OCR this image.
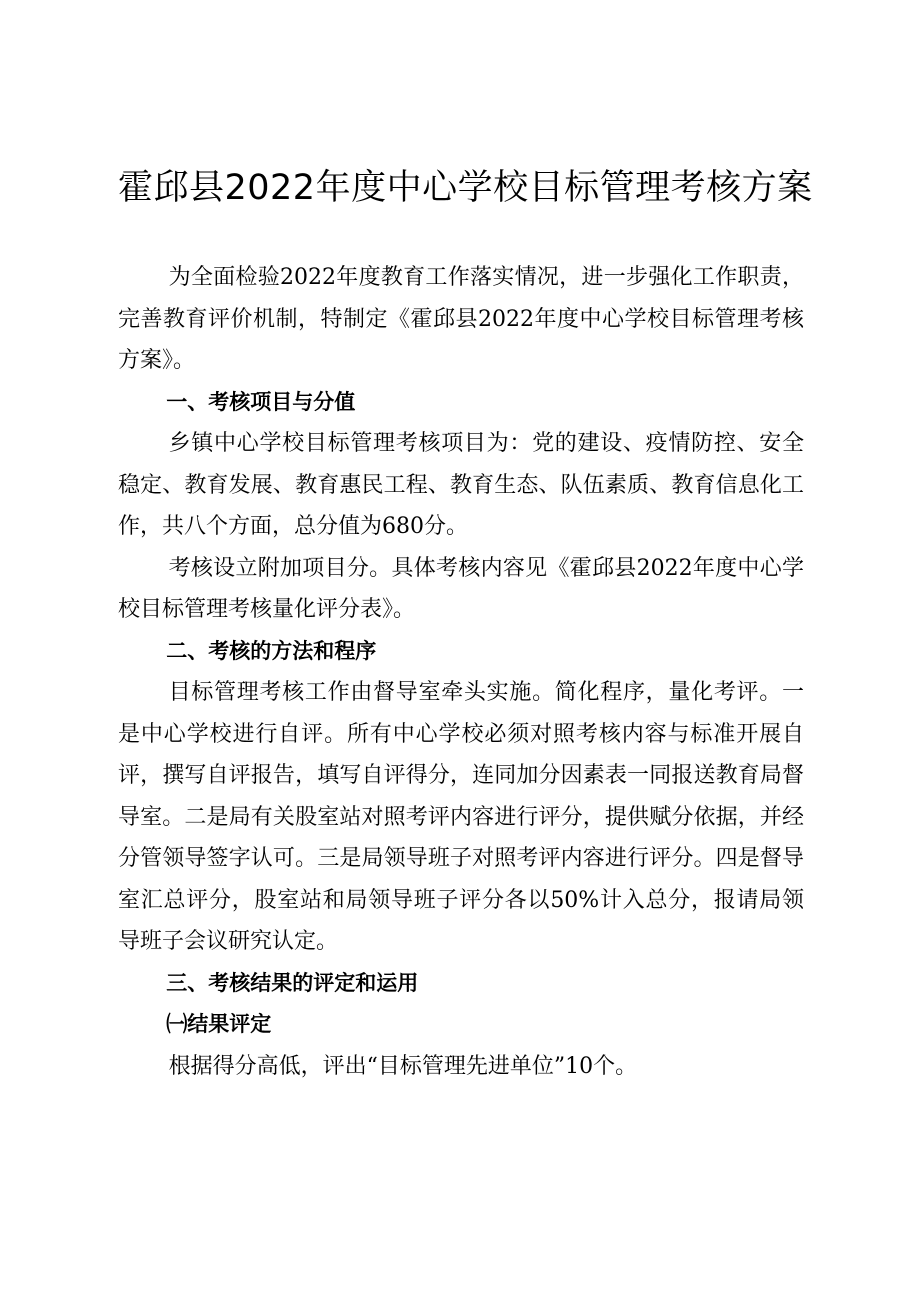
霍邱县2022年度中心学校目标管理考核方案

为全面检验2022年度教育工作落实情况，进一步强化工作职责，完善教育评价机制，特制定《霍邱县2022年度中心学校目标管理考核方案》。

一、考核项目与分值

乡镇中心学校目标管理考核项目为：党的建设、疫情防控、安全稳定、教育发展、教育惠民工程、教育生态、队伍素质、教育信息化工作，共八个方面，总分值为680分。

考核设立附加项目分。具体考核内容见《霍邱县2022年度中心学校目标管理考核量化评分表》。

二、考核的方法和程序

目标管理考核工作由督导室牵头实施。简化程序，量化考评。一是中心学校进行自评。所有中心学校必须对照考核内容与标准开展自评，撰写自评报告，填写自评得分，连同加分因素表一同报送教育局督导室。二是局有关股室站对照考评内容进行评分，提供赋分依据，并经分管领导签字认可。三是局领导班子对照考评内容进行评分。四是督导室汇总评分，股室站和局领导班子评分各以50%计入总分，报请局领导班子会议研究认定。

三、考核结果的评定和运用

㈠结果评定

根据得分高低，评出“目标管理先进单位”10个。
